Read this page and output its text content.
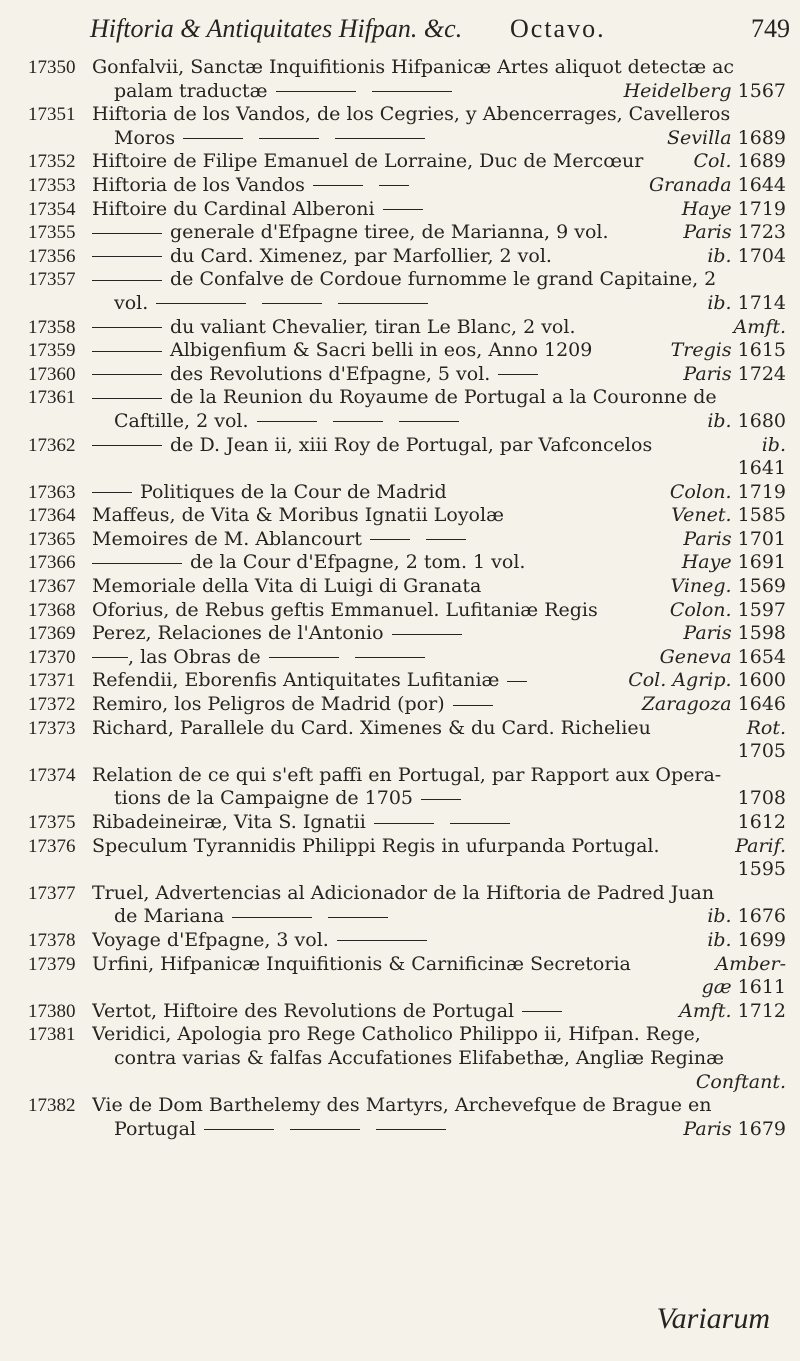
Hiftoria & Antiquitates Hifpan. &c. Octavo.	749
17350 Gonfalvii, Sanctæ Inquifitionis Hifpanicæ Artes aliquot detectæ ac
palam traductæ	Heidelberg 1567
17351 Hiftoria de los Vandos, de los Cegries, y Abencerrages, Cavelleros
Moros	Sevilla 1689
17352 Hiftoire de Filipe Emanuel de Lorraine, Duc de Mercœur	Col. 1689
17353 Hiftoria de los Vandos	Granada 1644
17354 Hiftoire du Cardinal Alberoni	Haye 1719
17355	generale d'Efpagne tiree, de Marianna, 9 vol.	Paris 1723
17356	du Card. Ximenez, par Marfollier, 2 vol.	ib. 1704
17357	de Confalve de Cordoue furnomme le grand Capitaine, 2
vol.	ib. 1714
17358	du valiant Chevalier, tiran Le Blanc, 2 vol.	Amft.
17359	Albigenfium & Sacri belli in eos, Anno 1209	Tregis 1615
17360	des Revolutions d'Efpagne, 5 vol.	Paris 1724
17361	de la Reunion du Royaume de Portugal a la Couronne de
Caftille, 2 vol.	ib. 1680
17362	de D. Jean ii, xiii Roy de Portugal, par Vafconcelos	ib.
1641
17363	Politiques de la Cour de Madrid	Colon. 1719
17364 Maffeus, de Vita & Moribus Ignatii Loyolæ	Venet. 1585
17365 Memoires de M. Ablancourt	Paris 1701
17366	de la Cour d'Efpagne, 2 tom. 1 vol.	Haye 1691
17367 Memoriale della Vita di Luigi di Granata	Vineg. 1569
17368 Oforius, de Rebus geftis Emmanuel. Lufitaniæ Regis	Colon. 1597
17369 Perez, Relaciones de l'Antonio	Paris 1598
17370	, las Obras de	Geneva 1654
17371 Refendii, Eborenfis Antiquitates Lufitaniæ	Col. Agrip. 1600
17372 Remiro, los Peligros de Madrid (por)	Zaragoza 1646
17373 Richard, Parallele du Card. Ximenes & du Card. Richelieu	Rot.
1705
17374 Relation de ce qui s'eft paffi en Portugal, par Rapport aux Opera-
tions de la Campaigne de 1705	1708
17375 Ribadeineiræ, Vita S. Ignatii	1612
17376 Speculum Tyrannidis Philippi Regis in ufurpanda Portugal.	Parif.
1595
17377 Truel, Advertencias al Adicionador de la Hiftoria de Padred Juan
de Mariana	ib. 1676
17378 Voyage d'Efpagne, 3 vol.	ib. 1699
17379 Urfini, Hifpanicæ Inquifitionis & Carnificinæ Secretoria	Amber-
gæ 1611
17380 Vertot, Hiftoire des Revolutions de Portugal	Amft. 1712
17381 Veridici, Apologia pro Rege Catholico Philippo ii, Hifpan. Rege,
contra varias & falfas Accufationes Elifabethæ, Angliæ Reginæ
Conftant.
17382 Vie de Dom Barthelemy des Martyrs, Archevefque de Brague en
Portugal	Paris 1679
Variarum
